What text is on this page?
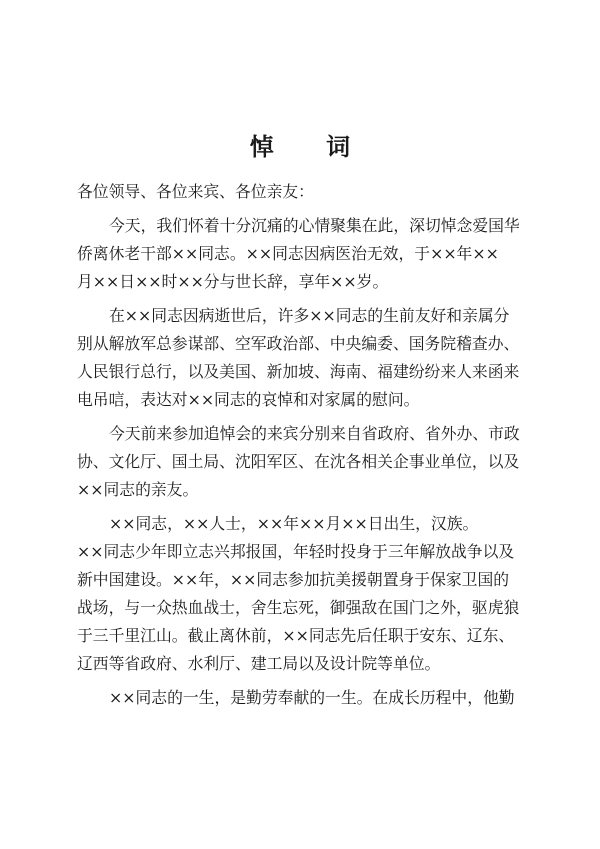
悼 词
各位领导、各位来宾、各位亲友：
今天，我们怀着十分沉痛的心情聚集在此，深切悼念爱国华
侨离休老干部××同志。××同志因病医治无效，于××年××
月××日××时××分与世长辞，享年××岁。
在××同志因病逝世后，许多××同志的生前友好和亲属分
别从解放军总参谋部、空军政治部、中央编委、国务院稽查办、
人民银行总行，以及美国、新加坡、海南、福建纷纷来人来函来
电吊唁，表达对××同志的哀悼和对家属的慰问。
今天前来参加追悼会的来宾分别来自省政府、省外办、市政
协、文化厅、国土局、沈阳军区、在沈各相关企事业单位，以及
××同志的亲友。
××同志，××人士，××年××月××日出生，汉族。
××同志少年即立志兴邦报国，年轻时投身于三年解放战争以及
新中国建设。××年，××同志参加抗美援朝置身于保家卫国的
战场，与一众热血战士，舍生忘死，御强敌在国门之外，驱虎狼
于三千里江山。截止离休前，××同志先后任职于安东、辽东、
辽西等省政府、水利厅、建工局以及设计院等单位。
××同志的一生，是勤劳奉献的一生。在成长历程中，他勤
